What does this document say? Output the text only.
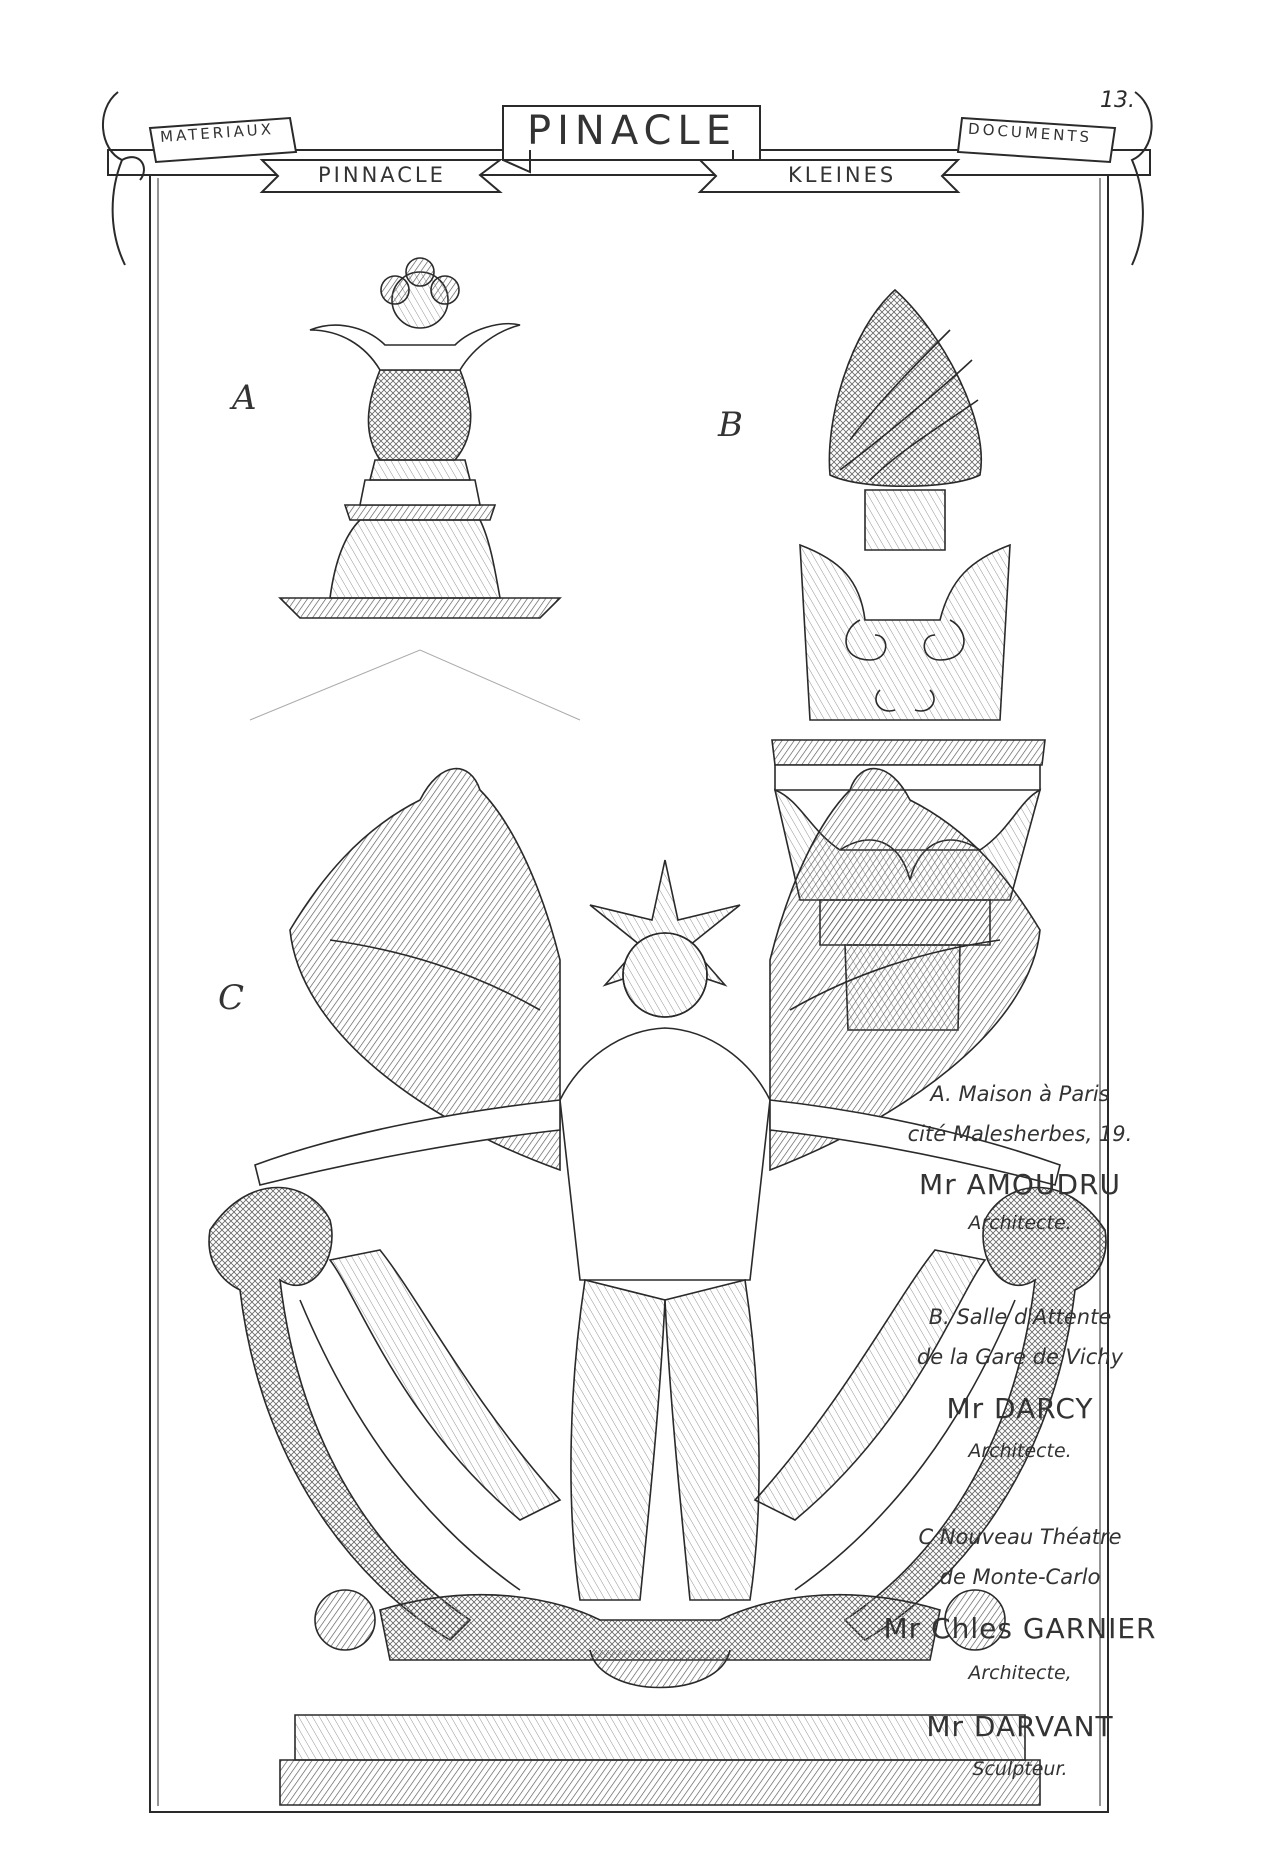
13.
MATERIAUX	PINACLE	DOCUMENTS
PINNACLE	KLEINES
A
B
C
A. Maison à Paris
cité Malesherbes, 19.
Mr AMOUDRU
Architecte.
B. Salle d'Attente
de la Gare de Vichy
Mr DARCY
Architecte.
C Nouveau Théatre
de Monte-Carlo
Mr Chles GARNIER
Architecte,
Mr DARVANT
Sculpteur.
